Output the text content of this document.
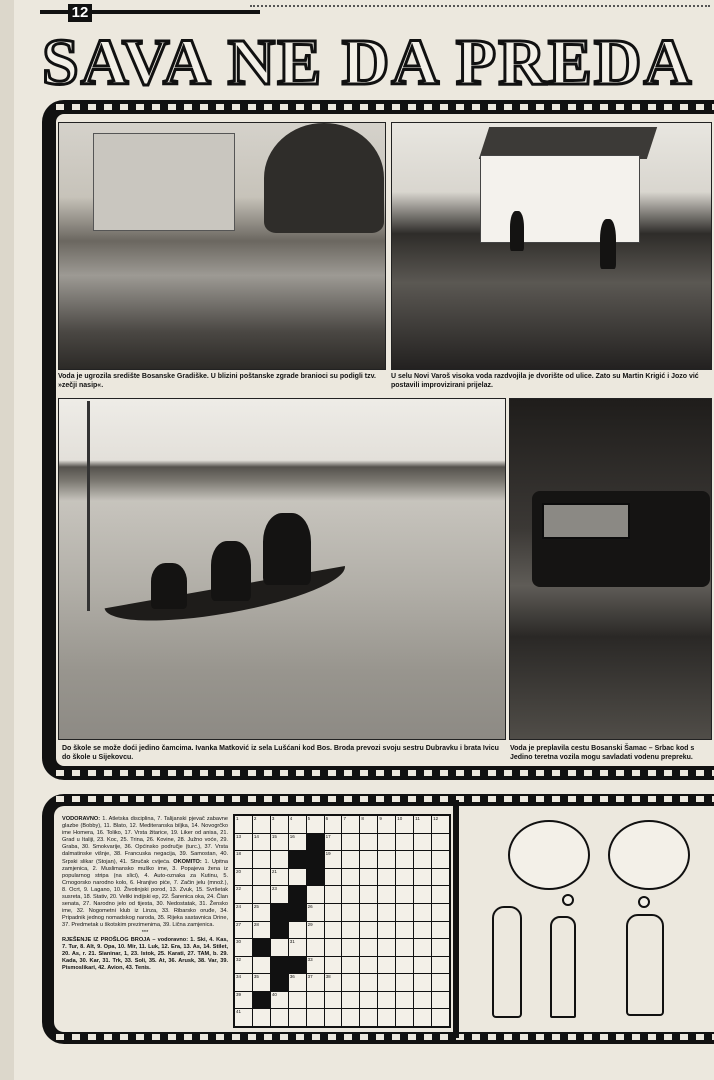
12
SAVA NE DA PREDA
Voda je ugrozila središte Bosanske Gradiške. U blizini poštanske zgrade branioci su podigli tzv. »zečji nasip«.
U selu Novi Varoš visoka voda razdvojila je dvorište od ulice. Zato su Martin Krigić i Jozo vić postavili improvizirani prijelaz.
Do škole se može doći jedino čamcima. Ivanka Matković iz sela Lušćani kod Bos. Broda prevozi svoju sestru Dubravku i brata Ivicu do škole u Sijekovcu.
Voda je preplavila cestu Bosanski Šamac – Srbac kod s Jedino teretna vozila mogu savladati vodenu prepreku.
VODORAVNO: 1. Atletska disciplina, 7. Talijanski pjevač zabavne glazbe (Bobby), 11. Blato, 12. Mediteranska biljka, 14. Novogrčko ime Homera, 16. Toliko, 17. Vrsta žitarice, 19. Liker od anisa, 21. Grad u Italiji, 23. Koc, 25. Trina, 26. Kovine, 28. Južno voće, 29. Graba, 30. Smokvarije, 36. Općinsko područje (turc.), 37. Vrsta dalmatinske višnje, 38. Francuska negacija, 39. Samostan, 40. Srpski slikar (Stojan), 41. Stručak cvijeća. OKOMITO: 1. Upitna zamjenica, 2. Muslimansko muško ime, 3. Popajeva žena iz popularnog stripa (na slici), 4. Auto-oznaka za Kutinu, 5. Crnogorsko narodno kolo, 6. Hranjivo piće, 7. Začin jelu (množ.), 8. Ocrt, 9. Lagano, 10. Životinjski porod, 13. Zvuk, 15. Svršetak susreta, 18. Stativ, 20. Veliki indijski ep, 22. Šarenica oka, 24. Član senata, 27. Narodno jelo od tijesta, 30. Nedostatak, 31. Žensko ime, 32. Nogometni klub iz Linza, 33. Ribarsko oruđe, 34. Pripadnik jednog nomadskog naroda, 35. Rijeka sastavnica Drine, 37. Predmetak u škotskim prezimenima, 39. Lična zamjenica.
***
RJEŠENJE IZ PROŠLOG BROJA – vodoravno: 1. Ski, 4. Kas, 7. Tur, 8. Alt, 9. Opa, 10. Mir, 11. Luk, 12. Era, 13. As, 14. Stilet, 20. As, r. 21. Slaninar, 1, 23. Istok, 25. Karati, 27. TAM, b. 29. Kada, 30. Kar, 31. Trk, 33. Soli, 35. At, 36. Arusk, 38. Var, 39. Pismoslikari, 42. Avion, 43. Tenis.
1	2	3	4	5	6	7	8	9	10	11	12
13	14	15	16	17
18	19
20	21
22	23
24	25	26
27	28	29
30	31
32	33
34	35	36	37	38
39	40
41
